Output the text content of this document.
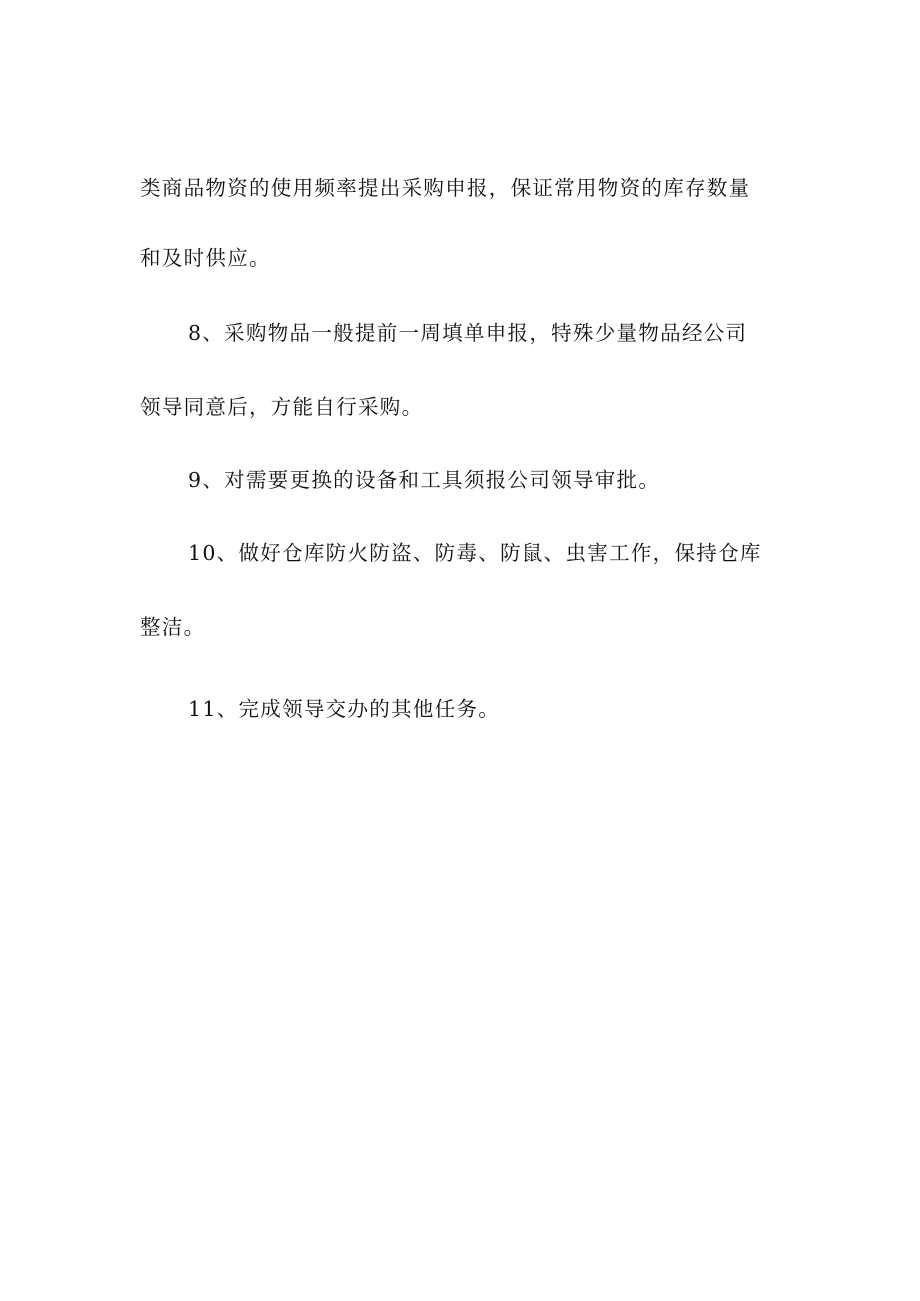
类商品物资的使用频率提出采购申报，保证常用物资的库存数量
和及时供应。
8、采购物品一般提前一周填单申报，特殊少量物品经公司
领导同意后，方能自行采购。
9、对需要更换的设备和工具须报公司领导审批。
10、做好仓库防火防盗、防毒、防鼠、虫害工作，保持仓库
整洁。
11、完成领导交办的其他任务。
